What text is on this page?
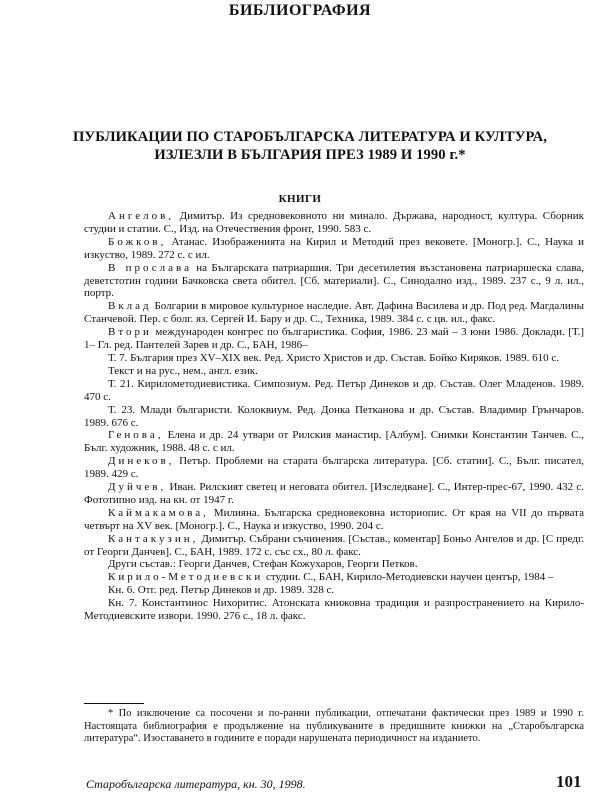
БИБЛИОГРАФИЯ
ПУБЛИКАЦИИ ПО СТАРОБЪЛГАРСКА ЛИТЕРАТУРА И КУЛТУРА,
ИЗЛЕЗЛИ В БЪЛГАРИЯ ПРЕЗ 1989 И 1990 г.*
КНИГИ

Ангелов, Димитър. Из средновековното ни минало. Държава, народност, култура. Сборник студии и статии. С., Изд. на Отечествения фронт, 1990. 583 с.

Божков, Атанас. Изображенията на Кирил и Методий през вековете. [Моногр.]. С., Наука и изкуство, 1989. 272 с. с ил.

В прослава на Българската патриаршия. Три десетилетия възстановена патриаршеска слава, деветстотин години Бачковска света обител. [Сб. материали]. С., Синодално изд., 1989. 237 с., 9 л. ил., портр.

Вклад Болгарии в мировое культурное наследие. Авт. Дафина Василева и др. Под ред. Магдалины Станчевой. Пер. с болг. яз. Сергей И. Бару и др. С., Техника, 1989. 384 с. с цв. ил., факс.

Втори международен конгрес по българистика. София, 1986. 23 май – 3 юни 1986. Доклади. [Т.] 1– Гл. ред. Пантелей Зарев и др. С., БАН, 1986–

Т. 7. България през XV–XIX век. Ред. Христо Христов и др. Състав. Бойко Киряков. 1989. 610 с.

Текст и на рус., нем., англ. език.

Т. 21. Кирилометодиевистика. Симпозиум. Ред. Петър Динеков и др. Състав. Олег Младенов. 1989. 470 с.

Т. 23. Млади българисти. Колоквиум. Ред. Донка Петканова и др. Състав. Владимир Грънчаров. 1989. 676 с.

Генова, Елена и др. 24 утвари от Рилския манастир. [Албум]. Снимки Константин Танчев. С., Бълг. художник, 1988. 48 с. с ил.

Динеков, Петър. Проблеми на старата българска литература. [Сб. статии]. С., Бълг. писател, 1989. 429 с.

Дуйчев, Иван. Рилският светец и неговата обител. [Изследване]. С., Интер-прес-67, 1990. 432 с. Фототипно изд. на кн. от 1947 г.

Каймакамова, Милияна. Българска средновековна историопис. От края на VII до първата четвърт на XV век. [Моногр.]. С., Наука и изкуство, 1990. 204 с.

Кантакузин, Димитър. Събрани съчинения. [Състав., коментар] Боньо Ангелов и др. [С предг. от Георги Данчев]. С., БАН, 1989. 172 с. със сх., 80 л. факс.

Други състав.: Георги Данчев, Стефан Кожухаров, Георги Петков.

Кирило-Методиевски студии. С., БАН, Кирило-Методиевски научен център, 1984 –

Кн. 6. Отг. ред. Петър Динеков и др. 1989. 328 с.

Кн. 7. Константинос Нихоритис. Атонската книжовна традиция и разпространението на Кирило-Методиевските извори. 1990. 276 с., 18 л. факс.

* По изключение са посочени и по-ранни публикации, отпечатани фактически през 1989 и 1990 г. Настоящата библиография е продължение на публикуваните в предишните книжки на „Старобългарска литература“. Изоставането в годините е поради нарушената периодичност на изданието.
Старобългарска литература, кн. 30, 1998.	101
